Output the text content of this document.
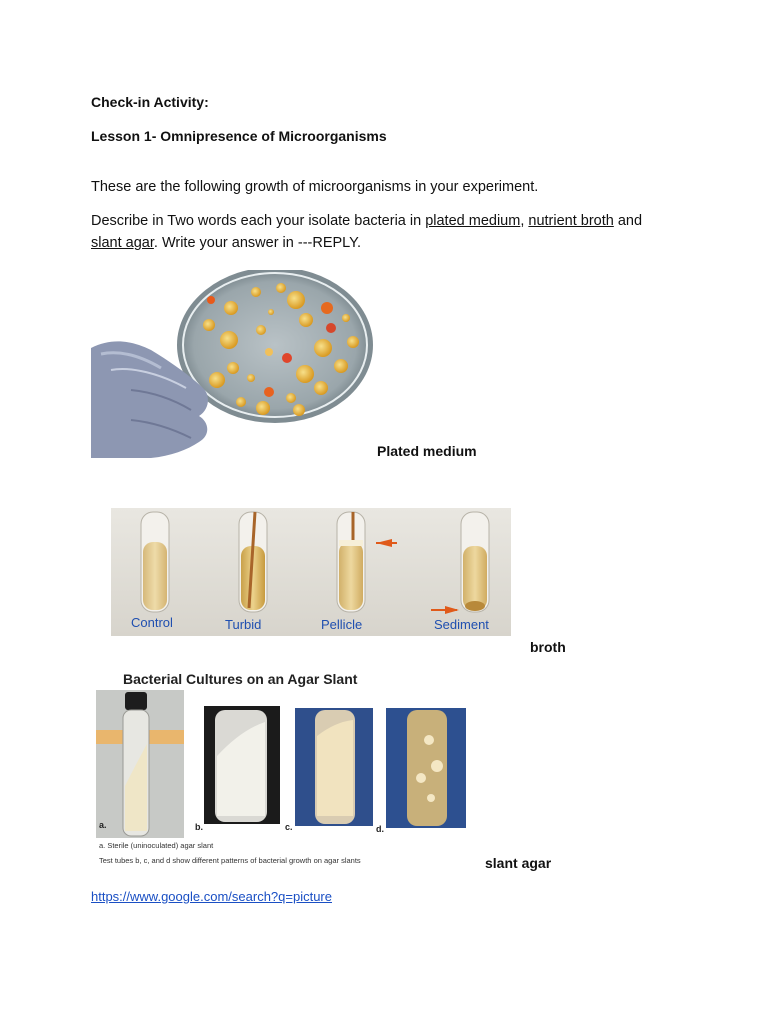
Check-in Activity:
Lesson 1- Omnipresence of Microorganisms
These are the following growth of microorganisms in your experiment.
Describe in Two words each your isolate bacteria in plated medium, nutrient broth and
slant agar. Write your answer in ---REPLY.
Plated medium
Control	Turbid	Pellicle	Sediment
broth
Bacterial Cultures on an Agar Slant
a.	b.	c.	d.
a. Sterile (uninoculated) agar slant
Test tubes b, c, and d show different patterns of bacterial growth on agar slants	slant agar
https://www.google.com/search?q=picture
